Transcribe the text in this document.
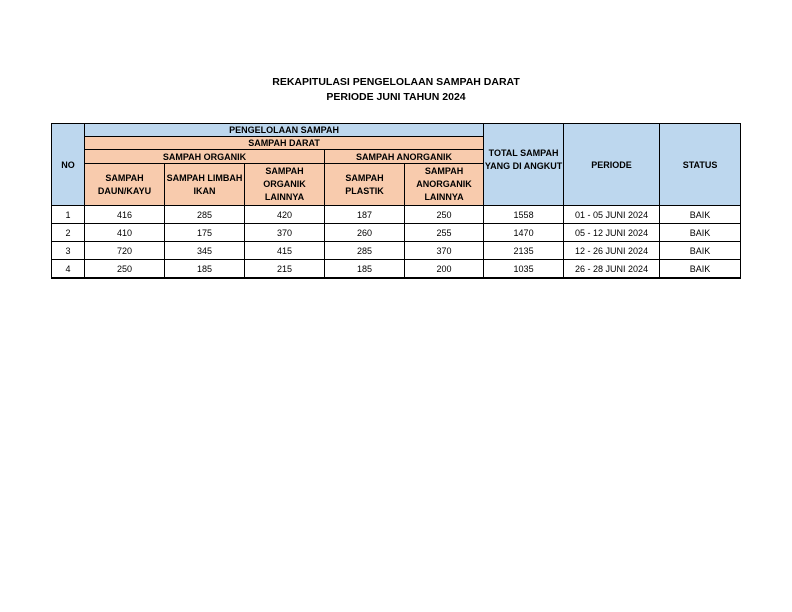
REKAPITULASI PENGELOLAAN SAMPAH DARAT
PERIODE JUNI TAHUN 2024
NO	PENGELOLAAN SAMPAH					TOTAL SAMPAH YANG DI ANGKUT	PERIODE	STATUS
	SAMPAH DARAT							
	SAMPAH ORGANIK			SAMPAH ANORGANIK				
	SAMPAH DAUN/KAYU	SAMPAH LIMBAH IKAN	SAMPAH ORGANIK LAINNYA	SAMPAH PLASTIK	SAMPAH ANORGANIK LAINNYA			
1	416	285	420	187	250	1558	01 - 05 JUNI 2024	BAIK
2	410	175	370	260	255	1470	05 - 12 JUNI 2024	BAIK
3	720	345	415	285	370	2135	12 - 26 JUNI 2024	BAIK
4	250	185	215	185	200	1035	26 - 28 JUNI 2024	BAIK
